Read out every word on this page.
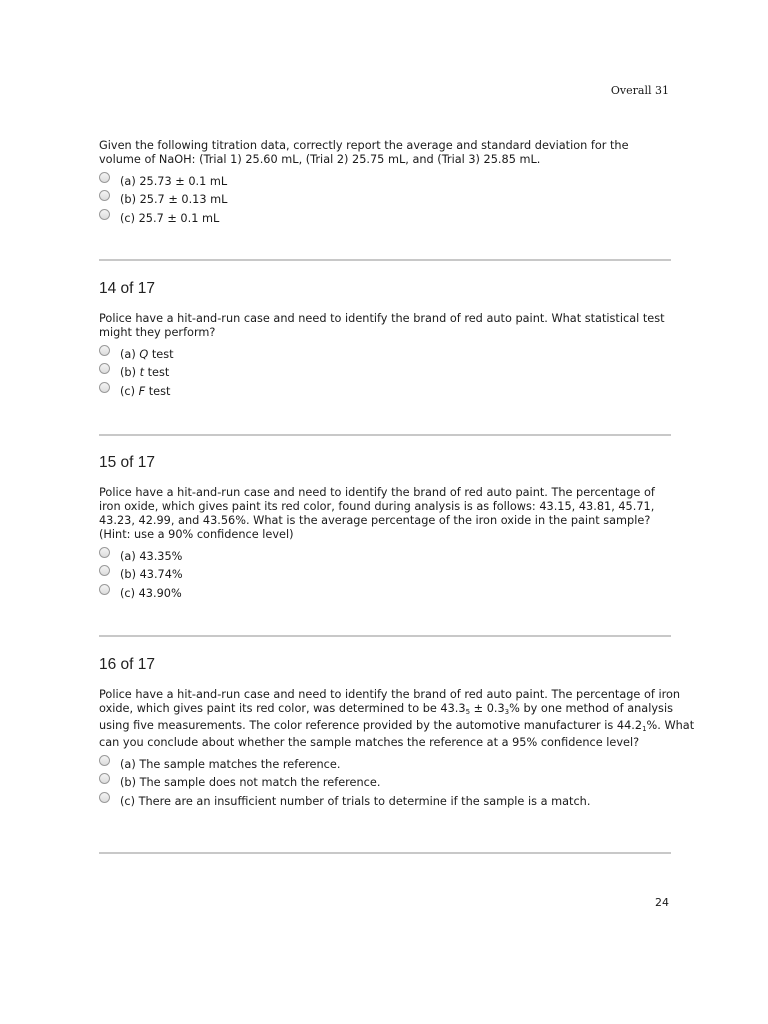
Overall 31

Given the following titration data, correctly report the average and standard deviation for the volume of NaOH: (Trial 1) 25.60 mL, (Trial 2) 25.75 mL, and (Trial 3) 25.85 mL.

(a) 25.73 ± 0.1 mL
(b) 25.7 ± 0.13 mL
(c) 25.7 ± 0.1 mL
14 of 17

Police have a hit-and-run case and need to identify the brand of red auto paint. What statistical test might they perform?

(a) Q test
(b) t test
(c) F test
15 of 17

Police have a hit-and-run case and need to identify the brand of red auto paint. The percentage of iron oxide, which gives paint its red color, found during analysis is as follows: 43.15, 43.81, 45.71, 43.23, 42.99, and 43.56%. What is the average percentage of the iron oxide in the paint sample? (Hint: use a 90% confidence level)

(a) 43.35%
(b) 43.74%
(c) 43.90%
16 of 17

Police have a hit-and-run case and need to identify the brand of red auto paint. The percentage of iron oxide, which gives paint its red color, was determined to be $43.3_5 \pm 0.3_3\%$ by one method of analysis using five measurements. The color reference provided by the automotive manufacturer is $44.2_1\%$. What can you conclude about whether the sample matches the reference at a 95% confidence level?

(a) The sample matches the reference.
(b) The sample does not match the reference.
(c) There are an insufficient number of trials to determine if the sample is a match.
24
